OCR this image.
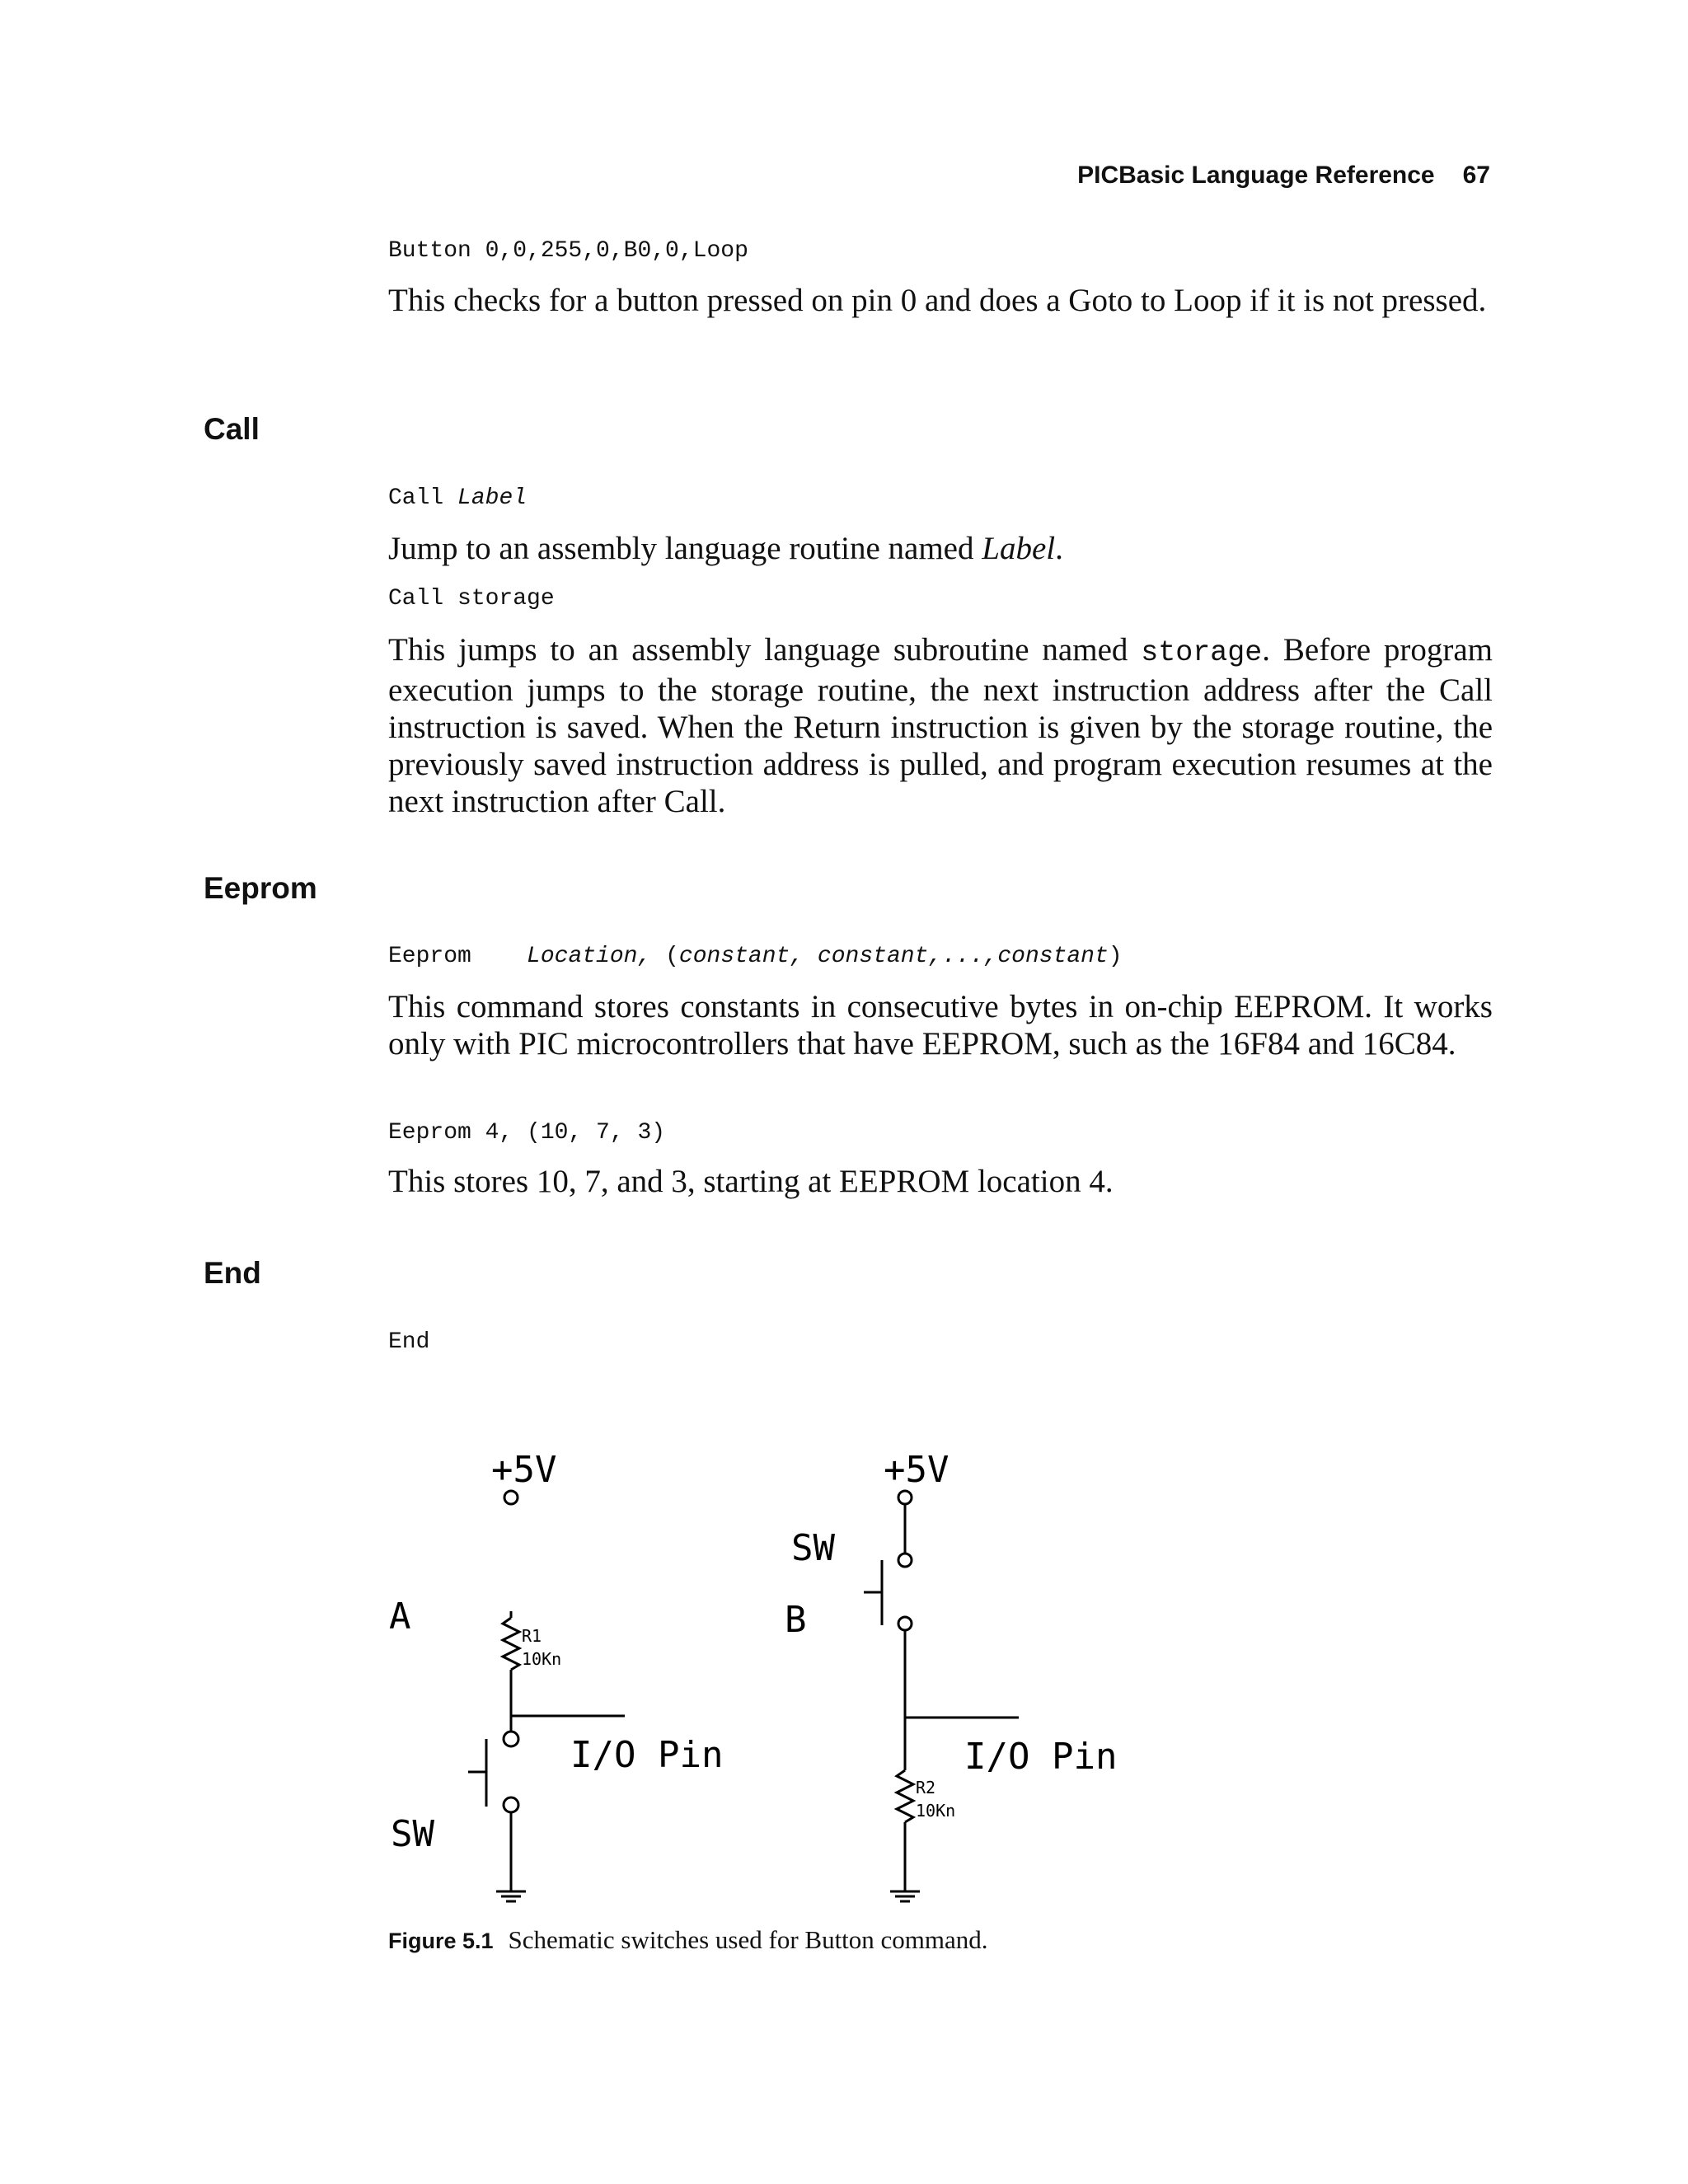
PICBasic Language Reference 67
Button 0,0,255,0,B0,0,Loop
This checks for a button pressed on pin 0 and does a Goto to Loop if it is not pressed.
Call
Call Label
Jump to an assembly language routine named Label.
Call storage
This jumps to an assembly language subroutine named storage. Before program execution jumps to the storage routine, the next instruction address after the Call instruction is saved. When the Return instruction is given by the storage routine, the previously saved instruction address is pulled, and program execution resumes at the next instruction after Call.
Eeprom
Eeprom Location, (constant, constant,...,constant)
This command stores constants in consecutive bytes in on-chip EEPROM. It works only with PIC microcontrollers that have EEPROM, such as the 16F84 and 16C84.
Eeprom 4, (10, 7, 3)
This stores 10, 7, and 3, starting at EEPROM location 4.
End
End
+5V
A	R1
10Kn
I/O Pin
SW
+5V
SW
B
I/O Pin
R2
10Kn
Figure 5.1 Schematic switches used for Button command.
